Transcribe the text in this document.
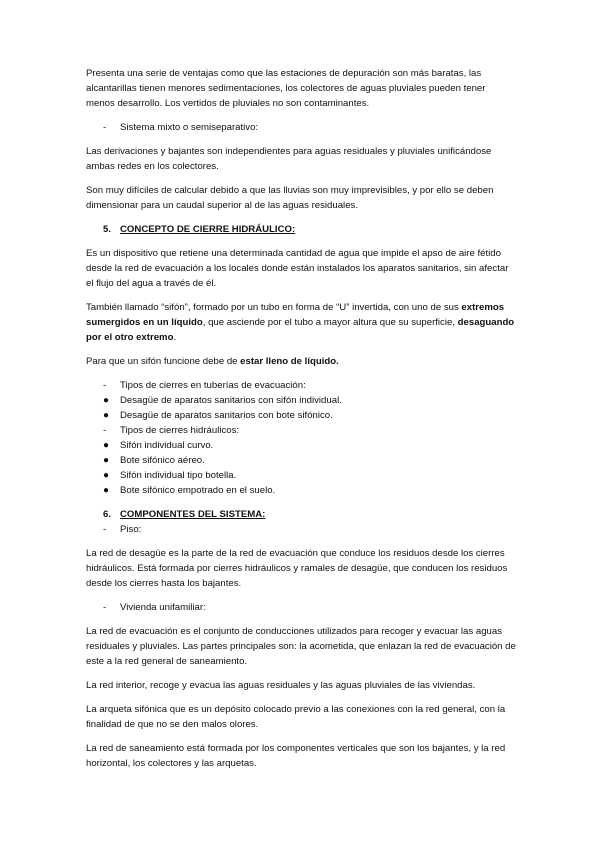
Presenta una serie de ventajas como que las estaciones de depuración son más baratas, las alcantarillas tienen menores sedimentaciones, los colectores de aguas pluviales pueden tener menos desarrollo. Los vertidos de pluviales no son contaminantes.

-	Sistema mixto o semiseparativo:

Las derivaciones y bajantes son independientes para aguas residuales y pluviales unificándose ambas redes en los colectores.

Son muy difíciles de calcular debido a que las lluvias son muy imprevisibles, y por ello se deben dimensionar para un caudal superior al de las aguas residuales.

5. CONCEPTO DE CIERRE HIDRÁULICO:

Es un dispositivo que retiene una determinada cantidad de agua que impide el apso de aire fétido desde la red de evacuación a los locales donde están instalados los aparatos sanitarios, sin afectar el flujo del agua a través de él.

También llamado “sifón”, formado por un tubo en forma de “U” invertida, con uno de sus extremos sumergidos en un líquido, que asciende por el tubo a mayor altura que su superficie, desaguando por el otro extremo.

Para que un sifón funcione debe de estar lleno de líquido.

-	Tipos de cierres en tuberías de evacuación:
●	Desagüe de aparatos sanitarios con sifón individual.
●	Desagüe de aparatos sanitarios con bote sifónico.
-	Tipos de cierres hidráulicos:
●	Sifón individual curvo.
●	Bote sifónico aéreo.
●	Sifón individual tipo botella.
●	Bote sifónico empotrado en el suelo.
6. COMPONENTES DEL SISTEMA:
-	Piso:

La red de desagüe es la parte de la red de evacuación que conduce los residuos desde los cierres hidráulicos. Está formada por cierres hidráulicos y ramales de desagüe, que conducen los residuos desde los cierres hasta los bajantes.

-	Vivienda unifamiliar:

La red de evacuación es el conjunto de conducciones utilizados para recoger y evacuar las aguas residuales y pluviales. Las partes principales son: la acometida, que enlazan la red de evacuación de este a la red general de saneamiento.

La red interior, recoge y evacua las aguas residuales y las aguas pluviales de las viviendas.

La arqueta sifónica que es un depósito colocado previo a las conexiones con la red general, con la finalidad de que no se den malos olores.

La red de saneamiento está formada por los componentes verticales que son los bajantes, y la red horizontal, los colectores y las arquetas.
